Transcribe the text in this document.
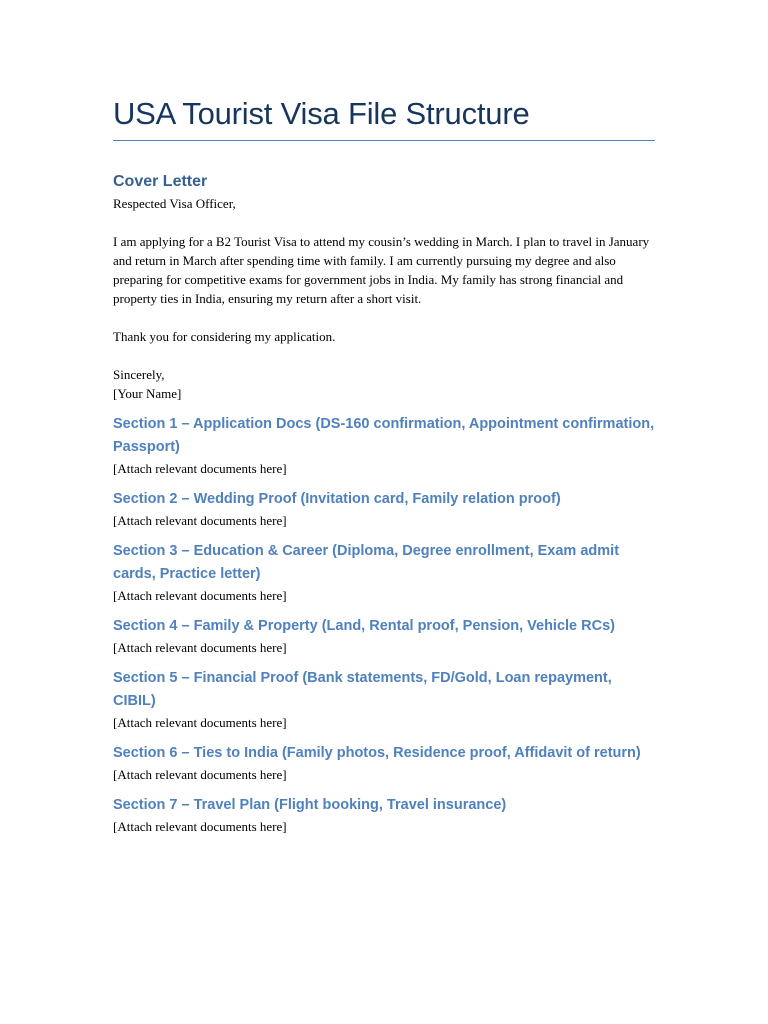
USA Tourist Visa File Structure
Cover Letter

Respected Visa Officer,

I am applying for a B2 Tourist Visa to attend my cousin’s wedding in March. I plan to travel in January and return in March after spending time with family. I am currently pursuing my degree and also preparing for competitive exams for government jobs in India. My family has strong financial and property ties in India, ensuring my return after a short visit.

Thank you for considering my application.

Sincerely,

[Your Name]

Section 1 – Application Docs (DS-160 confirmation, Appointment confirmation, Passport)

[Attach relevant documents here]

Section 2 – Wedding Proof (Invitation card, Family relation proof)

[Attach relevant documents here]

Section 3 – Education & Career (Diploma, Degree enrollment, Exam admit cards, Practice letter)

[Attach relevant documents here]

Section 4 – Family & Property (Land, Rental proof, Pension, Vehicle RCs)

[Attach relevant documents here]

Section 5 – Financial Proof (Bank statements, FD/Gold, Loan repayment, CIBIL)

[Attach relevant documents here]

Section 6 – Ties to India (Family photos, Residence proof, Affidavit of return)

[Attach relevant documents here]

Section 7 – Travel Plan (Flight booking, Travel insurance)

[Attach relevant documents here]
